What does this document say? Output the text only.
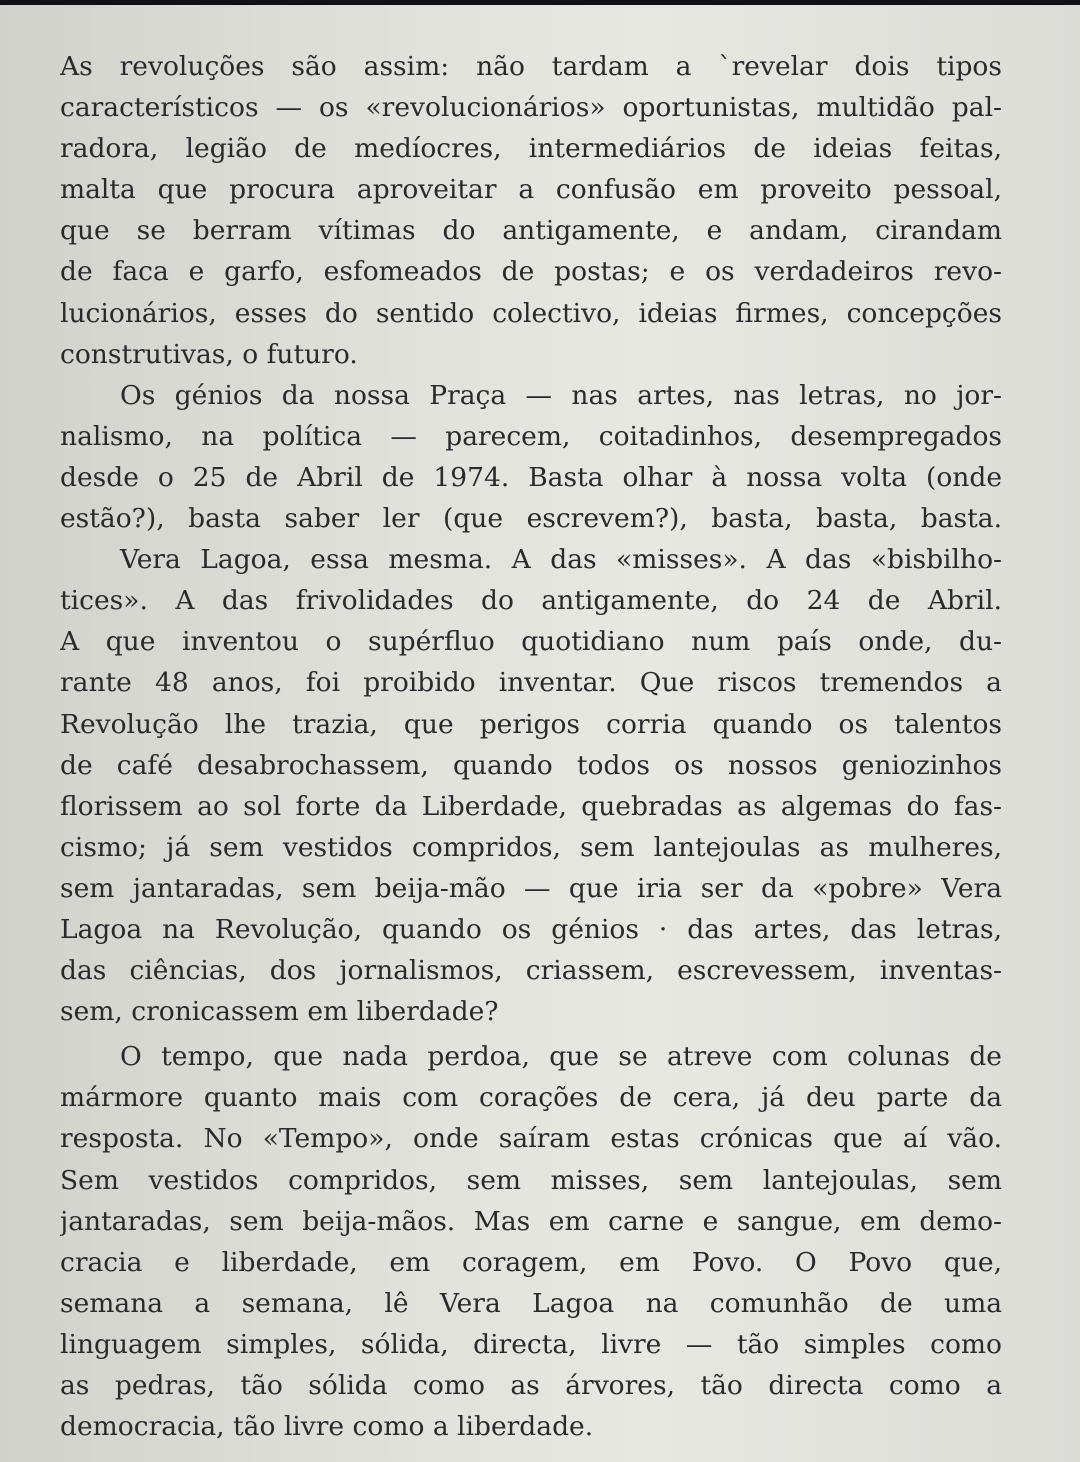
As revoluções são assim: não tardam a `revelar dois tipos
característicos — os «revolucionários» oportunistas, multidão pal-
radora, legião de medíocres, intermediários de ideias feitas,
malta que procura aproveitar a confusão em proveito pessoal,
que se berram vítimas do antigamente, e andam, cirandam
de faca e garfo, esfomeados de postas; e os verdadeiros revo-
lucionários, esses do sentido colectivo, ideias firmes, concepções
construtivas, o futuro.
Os génios da nossa Praça — nas artes, nas letras, no jor-
nalismo, na política — parecem, coitadinhos, desempregados
desde o 25 de Abril de 1974. Basta olhar à nossa volta (onde
estão?), basta saber ler (que escrevem?), basta, basta, basta.
Vera Lagoa, essa mesma. A das «misses». A das «bisbilho-
tices». A das frivolidades do antigamente, do 24 de Abril.
A que inventou o supérfluo quotidiano num país onde, du-
rante 48 anos, foi proibido inventar. Que riscos tremendos a
Revolução lhe trazia, que perigos corria quando os talentos
de café desabrochassem, quando todos os nossos geniozinhos
florissem ao sol forte da Liberdade, quebradas as algemas do fas-
cismo; já sem vestidos compridos, sem lantejoulas as mulheres,
sem jantaradas, sem beija-mão — que iria ser da «pobre» Vera
Lagoa na Revolução, quando os génios · das artes, das letras,
das ciências, dos jornalismos, criassem, escrevessem, inventas-
sem, cronicassem em liberdade?
O tempo, que nada perdoa, que se atreve com colunas de
mármore quanto mais com corações de cera, já deu parte da
resposta. No «Tempo», onde saíram estas crónicas que aí vão.
Sem vestidos compridos, sem misses, sem lantejoulas, sem
jantaradas, sem beija-mãos. Mas em carne e sangue, em demo-
cracia e liberdade, em coragem, em Povo. O Povo que,
semana a semana, lê Vera Lagoa na comunhão de uma
linguagem simples, sólida, directa, livre — tão simples como
as pedras, tão sólida como as árvores, tão directa como a
democracia, tão livre como a liberdade.
